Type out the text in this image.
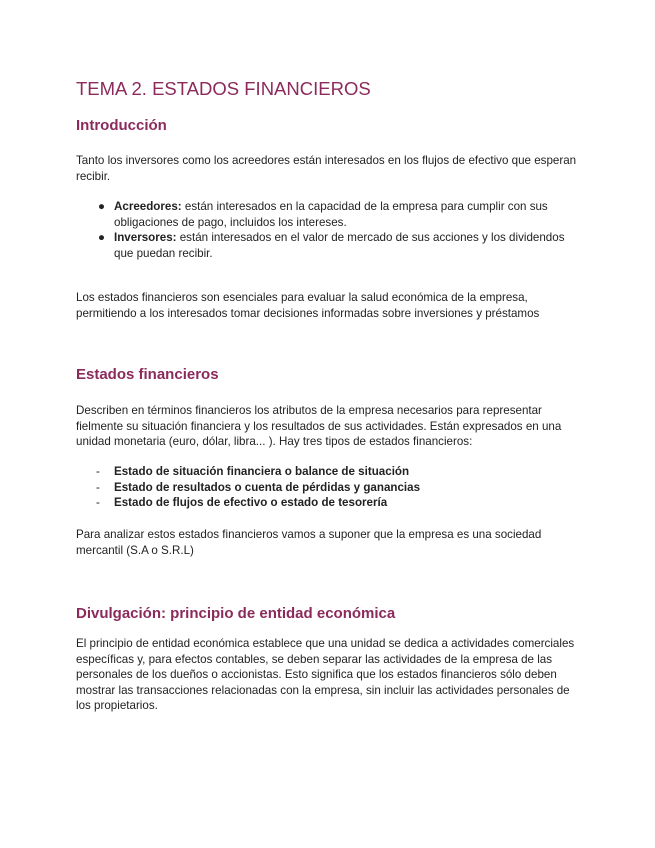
TEMA 2. ESTADOS FINANCIEROS
Introducción

Tanto los inversores como los acreedores están interesados en los flujos de efectivo que esperan recibir.

● Acreedores: están interesados en la capacidad de la empresa para cumplir con sus obligaciones de pago, incluidos los intereses.
● Inversores: están interesados en el valor de mercado de sus acciones y los dividendos que puedan recibir.

Los estados financieros son esenciales para evaluar la salud económica de la empresa, permitiendo a los interesados tomar decisiones informadas sobre inversiones y préstamos

Estados financieros

Describen en términos financieros los atributos de la empresa necesarios para representar fielmente su situación financiera y los resultados de sus actividades. Están expresados en una unidad monetaria (euro, dólar, libra... ). Hay tres tipos de estados financieros:

- Estado de situación financiera o balance de situación
- Estado de resultados o cuenta de pérdidas y ganancias
- Estado de flujos de efectivo o estado de tesorería

Para analizar estos estados financieros vamos a suponer que la empresa es una sociedad mercantil (S.A o S.R.L)

Divulgación: principio de entidad económica

El principio de entidad económica establece que una unidad se dedica a actividades comerciales específicas y, para efectos contables, se deben separar las actividades de la empresa de las personales de los dueños o accionistas. Esto significa que los estados financieros sólo deben mostrar las transacciones relacionadas con la empresa, sin incluir las actividades personales de los propietarios.
